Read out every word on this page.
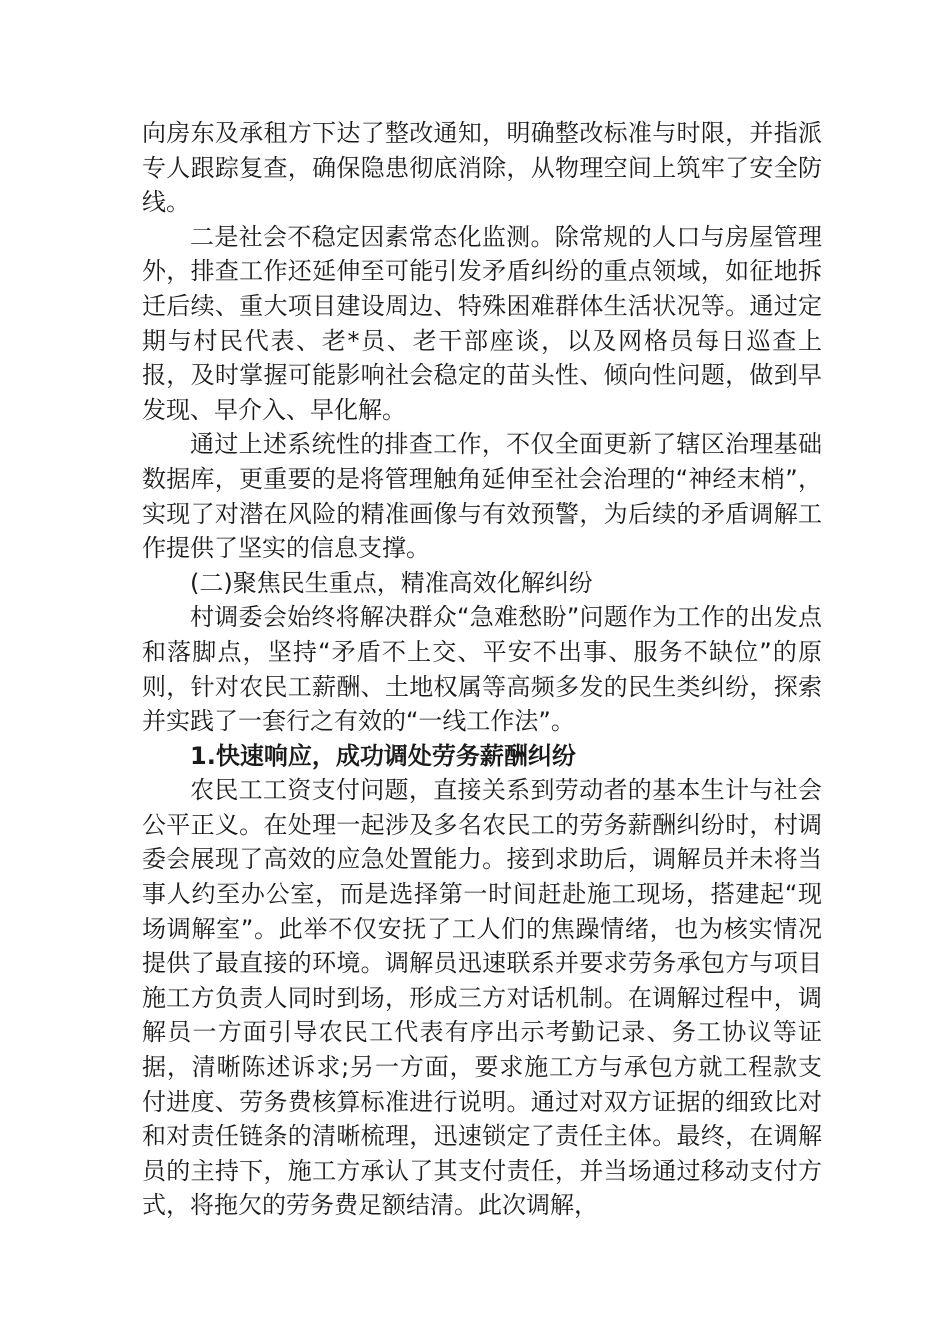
向房东及承租方下达了整改通知，明确整改标准与时限，并指派专人跟踪复查，确保隐患彻底消除，从物理空间上筑牢了安全防线。

二是社会不稳定因素常态化监测。除常规的人口与房屋管理外，排查工作还延伸至可能引发矛盾纠纷的重点领域，如征地拆迁后续、重大项目建设周边、特殊困难群体生活状况等。通过定期与村民代表、老*员、老干部座谈，以及网格员每日巡查上报，及时掌握可能影响社会稳定的苗头性、倾向性问题，做到早发现、早介入、早化解。

通过上述系统性的排查工作，不仅全面更新了辖区治理基础数据库，更重要的是将管理触角延伸至社会治理的“神经末梢”，实现了对潜在风险的精准画像与有效预警，为后续的矛盾调解工作提供了坚实的信息支撑。

(二)聚焦民生重点，精准高效化解纠纷

村调委会始终将解决群众“急难愁盼”问题作为工作的出发点和落脚点，坚持“矛盾不上交、平安不出事、服务不缺位”的原则，针对农民工薪酬、土地权属等高频多发的民生类纠纷，探索并实践了一套行之有效的“一线工作法”。

1.快速响应，成功调处劳务薪酬纠纷

农民工工资支付问题，直接关系到劳动者的基本生计与社会公平正义。在处理一起涉及多名农民工的劳务薪酬纠纷时，村调委会展现了高效的应急处置能力。接到求助后，调解员并未将当事人约至办公室，而是选择第一时间赶赴施工现场，搭建起“现场调解室”。此举不仅安抚了工人们的焦躁情绪，也为核实情况提供了最直接的环境。调解员迅速联系并要求劳务承包方与项目施工方负责人同时到场，形成三方对话机制。在调解过程中，调解员一方面引导农民工代表有序出示考勤记录、务工协议等证据，清晰陈述诉求;另一方面，要求施工方与承包方就工程款支付进度、劳务费核算标准进行说明。通过对双方证据的细致比对和对责任链条的清晰梳理，迅速锁定了责任主体。最终，在调解员的主持下，施工方承认了其支付责任，并当场通过移动支付方式，将拖欠的劳务费足额结清。此次调解，
